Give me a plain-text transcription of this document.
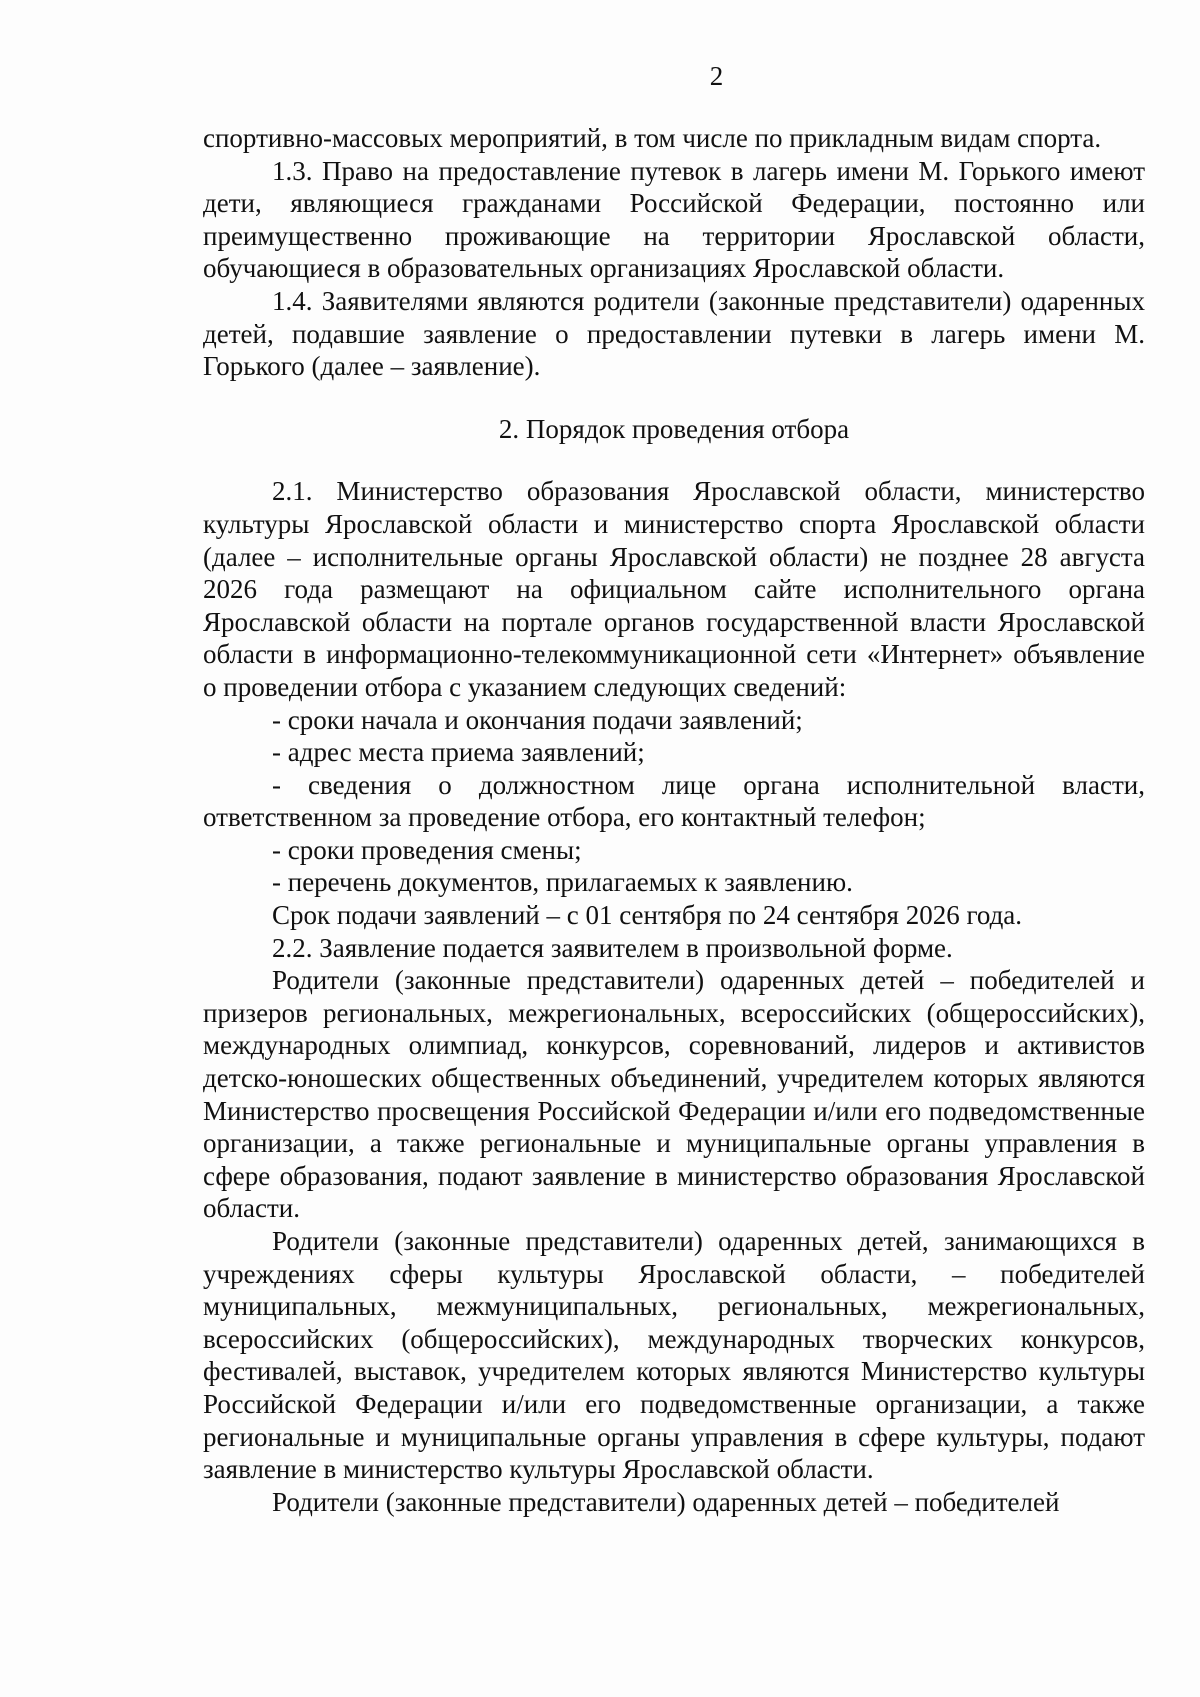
2

спортивно-массовых мероприятий, в том числе по прикладным видам спорта.

1.3. Право на предоставление путевок в лагерь имени М. Горького имеют дети, являющиеся гражданами Российской Федерации, постоянно или преимущественно проживающие на территории Ярославской области, обучающиеся в образовательных организациях Ярославской области.

1.4. Заявителями являются родители (законные представители) одаренных детей, подавшие заявление о предоставлении путевки в лагерь имени М. Горького (далее – заявление).

2. Порядок проведения отбора

2.1. Министерство образования Ярославской области, министерство культуры Ярославской области и министерство спорта Ярославской области (далее – исполнительные органы Ярославской области) не позднее 28 августа 2026 года размещают на официальном сайте исполнительного органа Ярославской области на портале органов государственной власти Ярославской области в информационно-телекоммуникационной сети «Интернет» объявление о проведении отбора с указанием следующих сведений:

- сроки начала и окончания подачи заявлений;

- адрес места приема заявлений;

- сведения о должностном лице органа исполнительной власти, ответственном за проведение отбора, его контактный телефон;

- сроки проведения смены;

- перечень документов, прилагаемых к заявлению.

Срок подачи заявлений – с 01 сентября по 24 сентября 2026 года.

2.2. Заявление подается заявителем в произвольной форме.

Родители (законные представители) одаренных детей – победителей и призеров региональных, межрегиональных, всероссийских (общероссийских), международных олимпиад, конкурсов, соревнований, лидеров и активистов детско-юношеских общественных объединений, учредителем которых являются Министерство просвещения Российской Федерации и/или его подведомственные организации, а также региональные и муниципальные органы управления в сфере образования, подают заявление в министерство образования Ярославской области.

Родители (законные представители) одаренных детей, занимающихся в учреждениях сферы культуры Ярославской области, – победителей муниципальных, межмуниципальных, региональных, межрегиональных, всероссийских (общероссийских), международных творческих конкурсов, фестивалей, выставок, учредителем которых являются Министерство культуры Российской Федерации и/или его подведомственные организации, а также региональные и муниципальные органы управления в сфере культуры, подают заявление в министерство культуры Ярославской области.

Родители (законные представители) одаренных детей – победителей
